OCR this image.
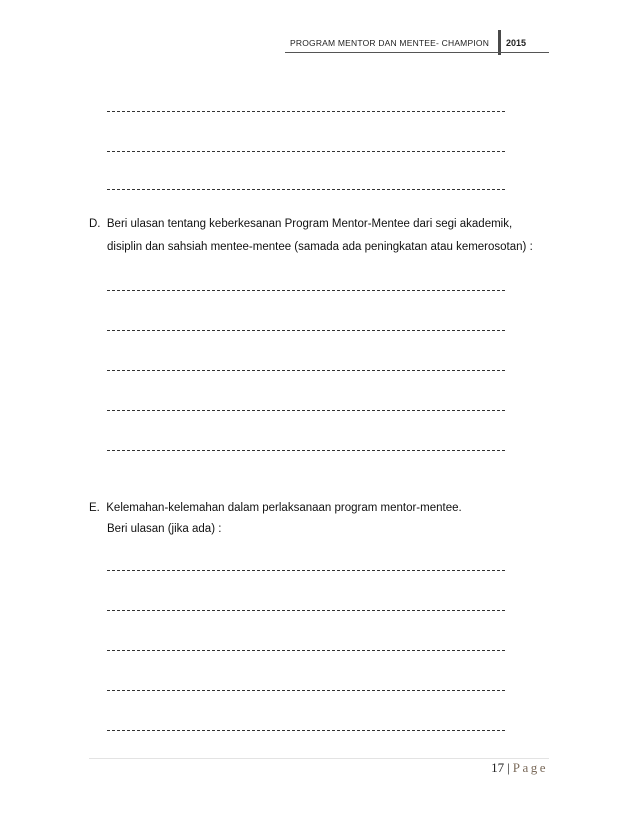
PROGRAM MENTOR DAN MENTEE- CHAMPION 2015
D. Beri ulasan tentang keberkesanan Program Mentor-Mentee dari segi akademik,
disiplin dan sahsiah mentee-mentee (samada ada peningkatan atau kemerosotan) :
E. Kelemahan-kelemahan dalam perlaksanaan program mentor-mentee.
Beri ulasan (jika ada) :
17 | Page
